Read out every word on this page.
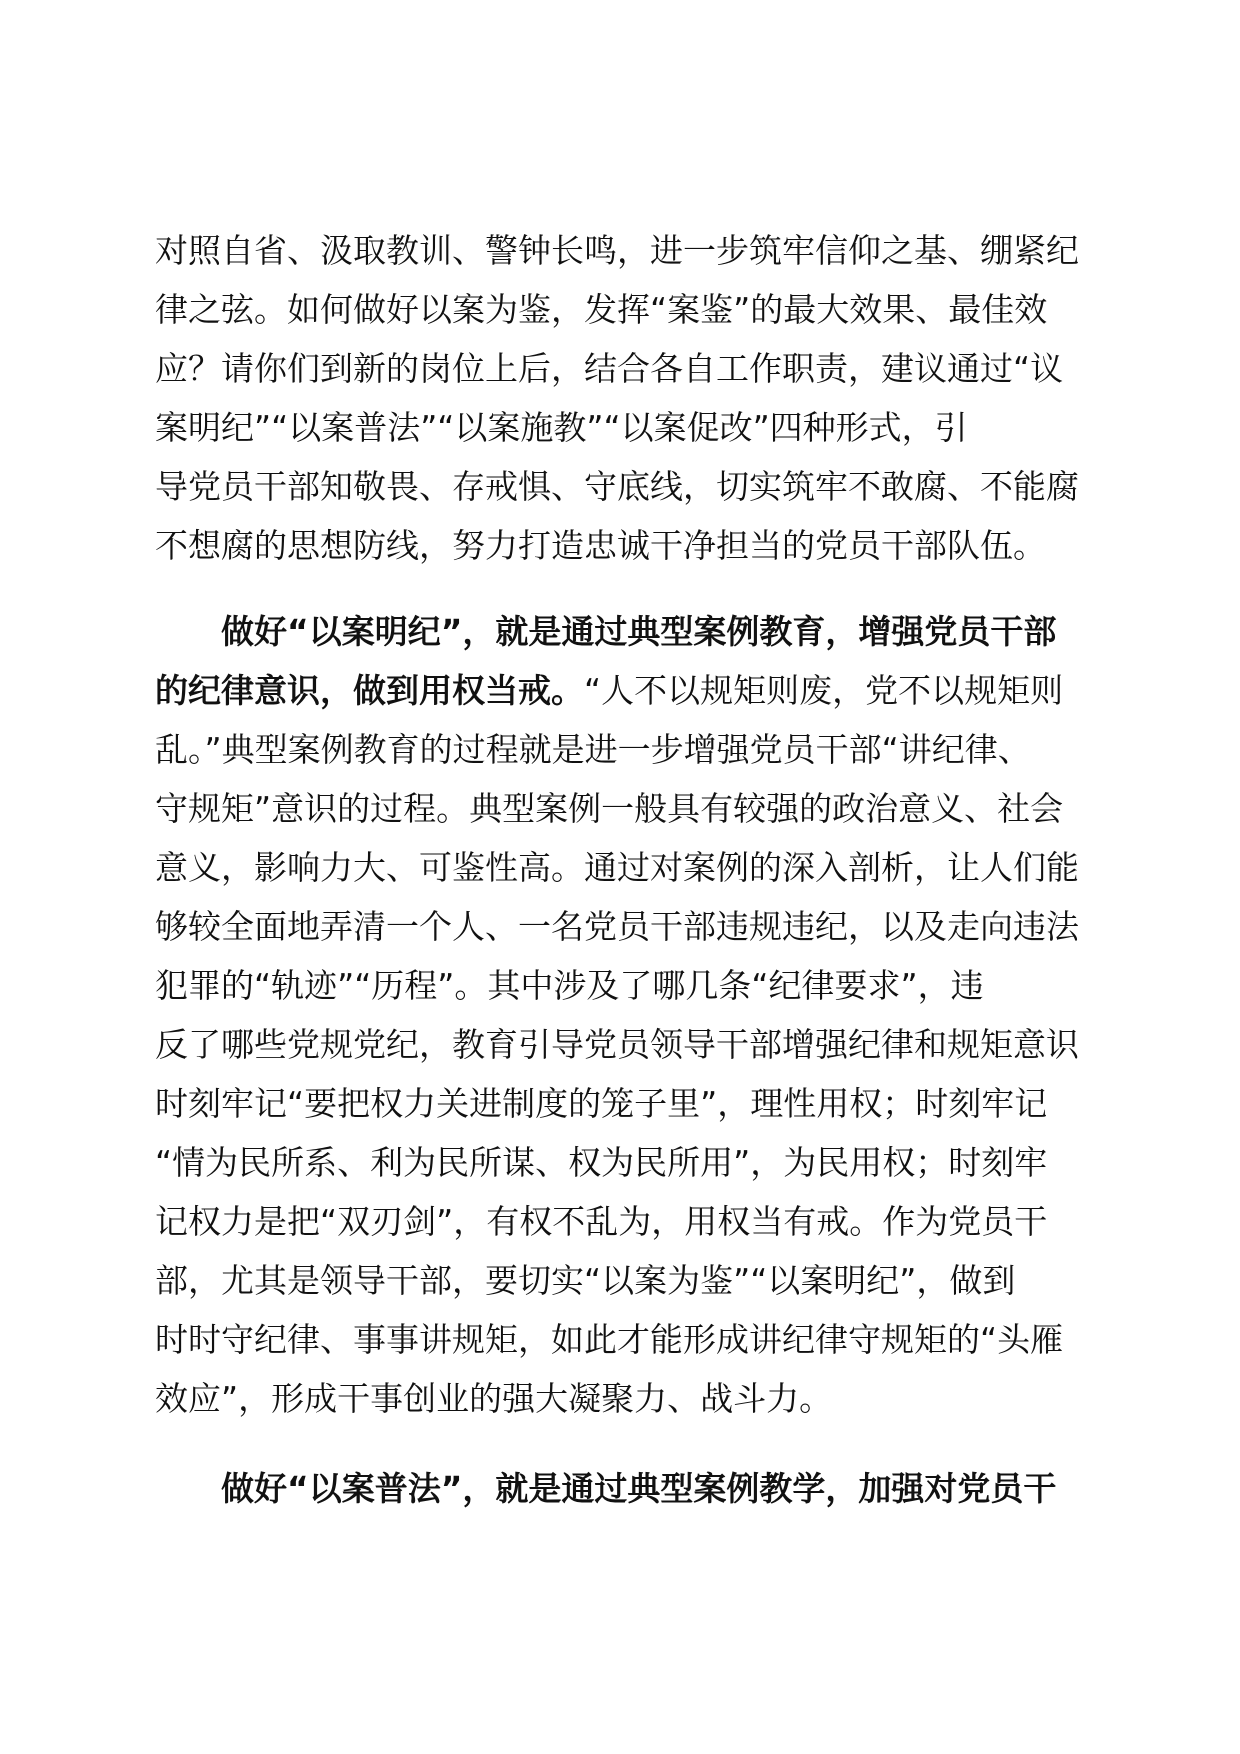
对照自省、汲取教训、警钟长鸣，进一步筑牢信仰之基、绷紧纪
律之弦。如何做好以案为鉴，发挥“案鉴”的最大效果、最佳效
应？请你们到新的岗位上后，结合各自工作职责，建议通过“议
案明纪”“以案普法”“以案施教”“以案促改”四种形式，引
导党员干部知敬畏、存戒惧、守底线，切实筑牢不敢腐、不能腐
不想腐的思想防线，努力打造忠诚干净担当的党员干部队伍。
做好“以案明纪”，就是通过典型案例教育，增强党员干部
的纪律意识，做到用权当戒。“人不以规矩则废，党不以规矩则
乱。”典型案例教育的过程就是进一步增强党员干部“讲纪律、
守规矩”意识的过程。典型案例一般具有较强的政治意义、社会
意义，影响力大、可鉴性高。通过对案例的深入剖析，让人们能
够较全面地弄清一个人、一名党员干部违规违纪，以及走向违法
犯罪的“轨迹”“历程”。其中涉及了哪几条“纪律要求”，违
反了哪些党规党纪，教育引导党员领导干部增强纪律和规矩意识
时刻牢记“要把权力关进制度的笼子里”，理性用权；时刻牢记
“情为民所系、利为民所谋、权为民所用”，为民用权；时刻牢
记权力是把“双刃剑”，有权不乱为，用权当有戒。作为党员干
部，尤其是领导干部，要切实“以案为鉴”“以案明纪”，做到
时时守纪律、事事讲规矩，如此才能形成讲纪律守规矩的“头雁
效应”，形成干事创业的强大凝聚力、战斗力。
做好“以案普法”，就是通过典型案例教学，加强对党员干
